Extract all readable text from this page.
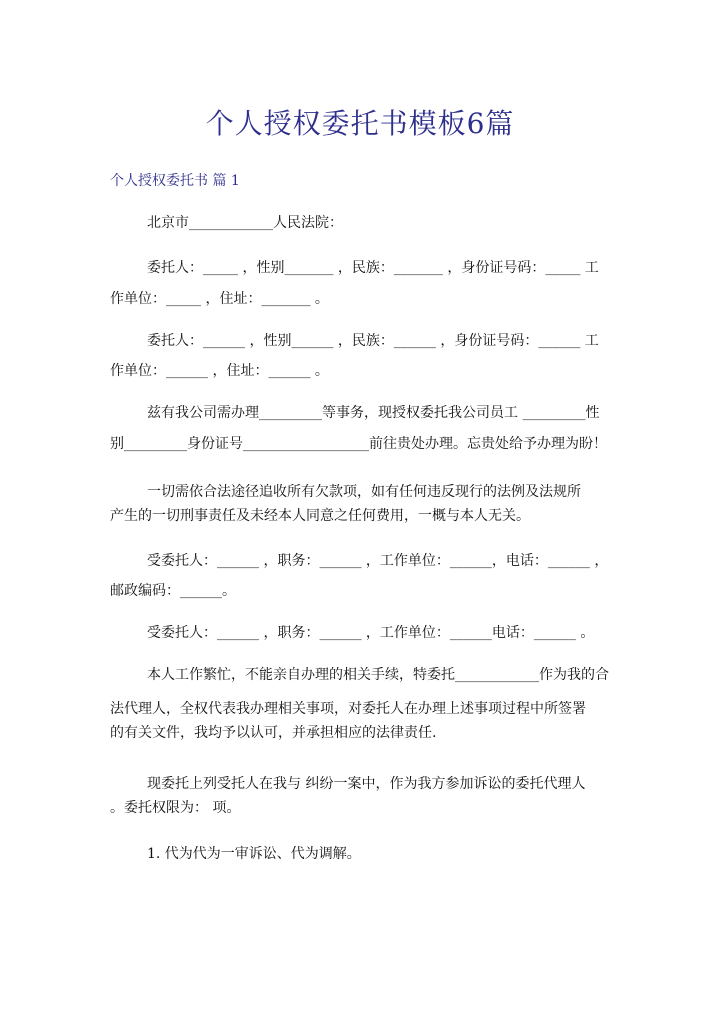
个人授权委托书模板6篇
个人授权委托书 篇 1
北京市____________人民法院：
委托人：_____ ，性别_______ ，民族：_______ ，身份证号码：_____ 工
作单位：_____ ，住址：_______ 。
委托人：______ ，性别______ ，民族：______ ，身份证号码：______ 工
作单位：______ ，住址：______ 。
兹有我公司需办理_________等事务，现授权委托我公司员工 _________性
别_________身份证号__________________前往贵处办理。忘贵处给予办理为盼！
一切需依合法途径追收所有欠款项，如有任何违反现行的法例及法规所
产生的一切刑事责任及未经本人同意之任何费用，一概与本人无关。
受委托人：______ ，职务：______ ，工作单位：______，电话：______ ，
邮政编码：______。
受委托人：______ ，职务：______ ，工作单位：______电话：______ 。
本人工作繁忙，不能亲自办理的相关手续，特委托____________作为我的合
法代理人，全权代表我办理相关事项，对委托人在办理上述事项过程中所签署
的有关文件，我均予以认可，并承担相应的法律责任.
现委托上列受托人在我与 纠纷一案中，作为我方参加诉讼的委托代理人
。委托权限为： 项。
1. 代为代为一审诉讼、代为调解。
